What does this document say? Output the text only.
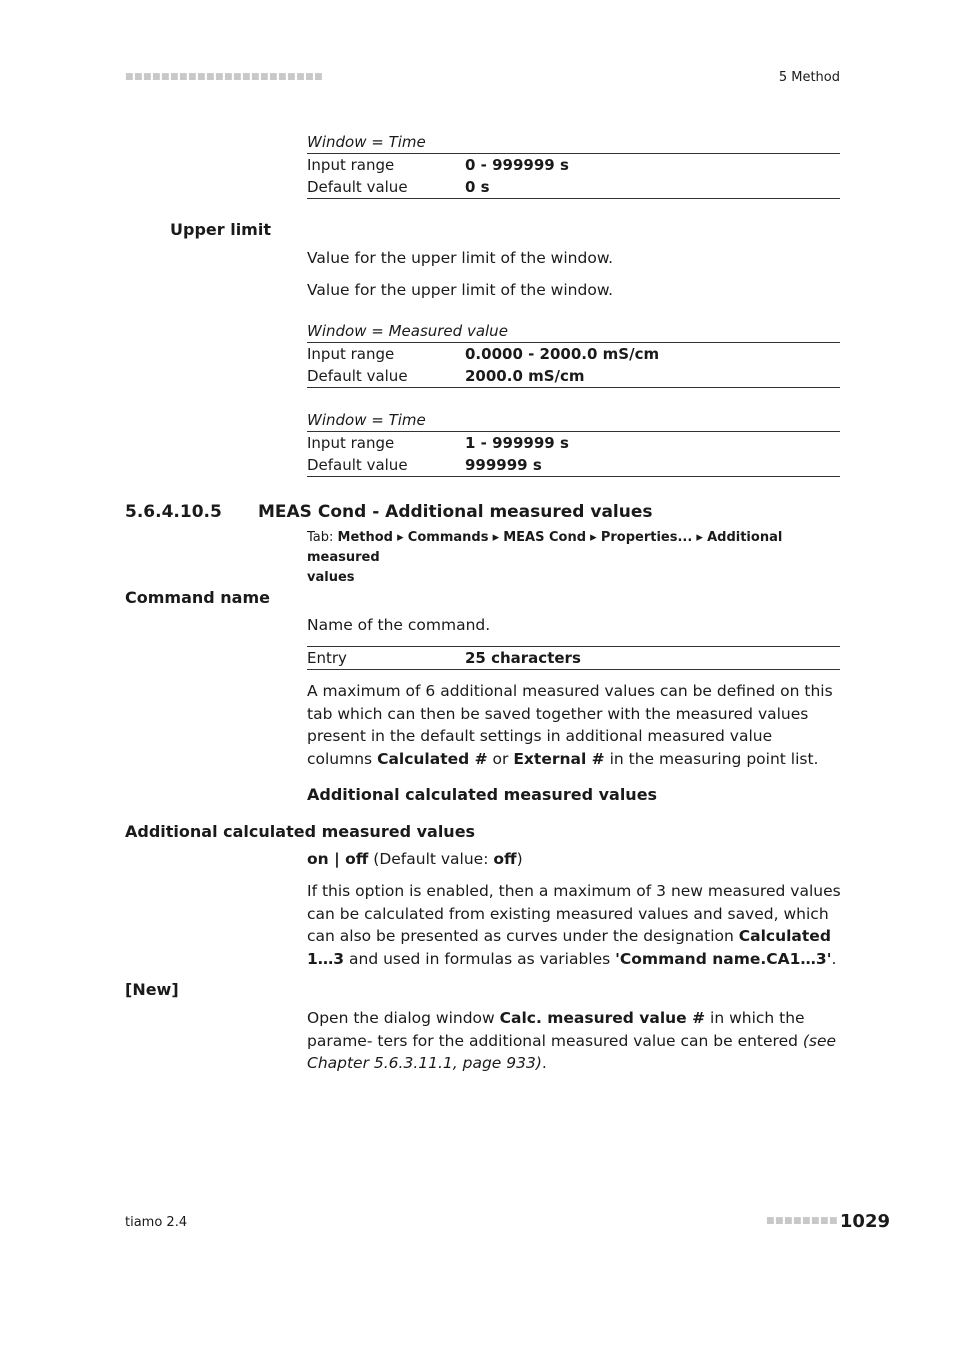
■■■■■■■■■■■■■■■■■■■■■■	5 Method
Window = Time
Input range	0 - 999999 s
Default value	0 s
Upper limit
Value for the upper limit of the window.
Value for the upper limit of the window.
Window = Measured value
Input range	0.0000 - 2000.0 mS/cm
Default value	2000.0 mS/cm
Window = Time
Input range	1 - 999999 s
Default value	999999 s
5.6.4.10.5 MEAS Cond - Additional measured values
Tab: Method ▸ Commands ▸ MEAS Cond ▸ Properties... ▸ Additional measured
values
Command name
Name of the command.
Entry	25 characters
A maximum of 6 additional measured values can be defined on this tab which can then be saved together with the measured values present in the default settings in additional measured value columns Calculated # or External # in the measuring point list.
Additional calculated measured values
Additional calculated measured values
on | off (Default value: off)
If this option is enabled, then a maximum of 3 new measured values can be calculated from existing measured values and saved, which can also be presented as curves under the designation Calculated 1…3 and used in formulas as variables 'Command name.CA1…3'.
[New]
Open the dialog window Calc. measured value # in which the parame- ters for the additional measured value can be entered (see Chapter 5.6.3.11.1, page 933).
tiamo 2.4	■■■■■■■■ 1029
